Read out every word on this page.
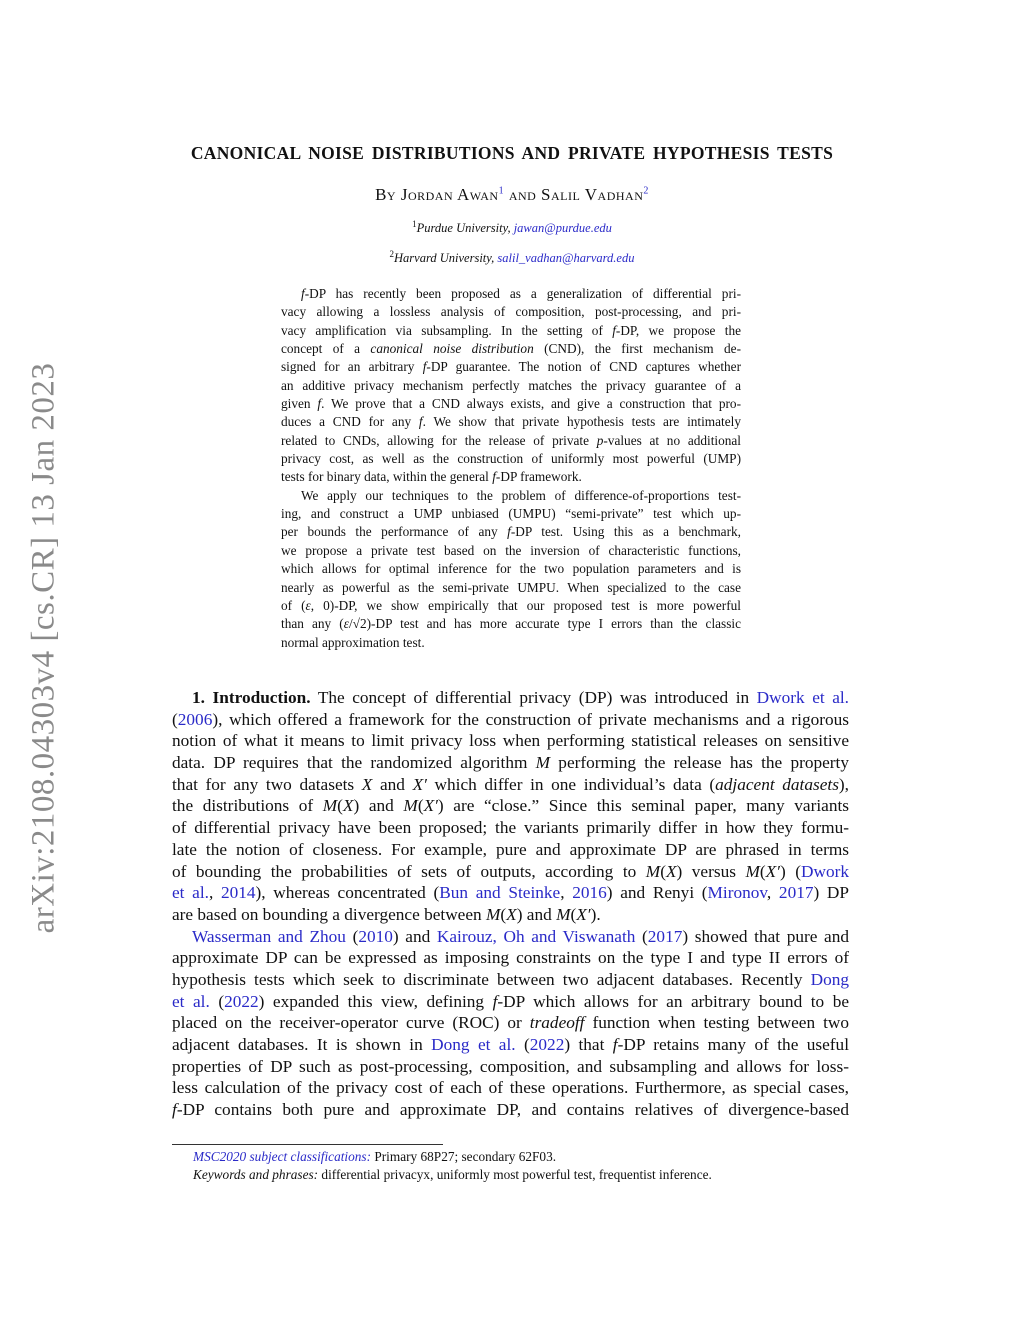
arXiv:2108.04303v4 [cs.CR] 13 Jan 2023
CANONICAL NOISE DISTRIBUTIONS AND PRIVATE HYPOTHESIS TESTS
By Jordan Awan$^1$ and Salil Vadhan$^2$
$^1$Purdue University, jawan@purdue.edu
$^2$Harvard University, salil_vadhan@harvard.edu
f-DP has recently been proposed as a generalization of differential pri-
vacy allowing a lossless analysis of composition, post-processing, and pri-
vacy amplification via subsampling. In the setting of f-DP, we propose the
concept of a canonical noise distribution (CND), the first mechanism de-
signed for an arbitrary f-DP guarantee. The notion of CND captures whether
an additive privacy mechanism perfectly matches the privacy guarantee of a
given f. We prove that a CND always exists, and give a construction that pro-
duces a CND for any f. We show that private hypothesis tests are intimately
related to CNDs, allowing for the release of private p-values at no additional
privacy cost, as well as the construction of uniformly most powerful (UMP)
tests for binary data, within the general f-DP framework.
We apply our techniques to the problem of difference-of-proportions test-
ing, and construct a UMP unbiased (UMPU) “semi-private” test which up-
per bounds the performance of any f-DP test. Using this as a benchmark,
we propose a private test based on the inversion of characteristic functions,
which allows for optimal inference for the two population parameters and is
nearly as powerful as the semi-private UMPU. When specialized to the case
of (ε, 0)-DP, we show empirically that our proposed test is more powerful
than any (ε/√2)-DP test and has more accurate type I errors than the classic
normal approximation test.
1. Introduction. The concept of differential privacy (DP) was introduced in Dwork et al.
(2006), which offered a framework for the construction of private mechanisms and a rigorous
notion of what it means to limit privacy loss when performing statistical releases on sensitive
data. DP requires that the randomized algorithm M performing the release has the property
that for any two datasets X and X′ which differ in one individual’s data (adjacent datasets),
the distributions of M(X) and M(X′) are “close.” Since this seminal paper, many variants
of differential privacy have been proposed; the variants primarily differ in how they formu-
late the notion of closeness. For example, pure and approximate DP are phrased in terms
of bounding the probabilities of sets of outputs, according to M(X) versus M(X′) (Dwork
et al., 2014), whereas concentrated (Bun and Steinke, 2016) and Renyi (Mironov, 2017) DP
are based on bounding a divergence between M(X) and M(X′).
Wasserman and Zhou (2010) and Kairouz, Oh and Viswanath (2017) showed that pure and
approximate DP can be expressed as imposing constraints on the type I and type II errors of
hypothesis tests which seek to discriminate between two adjacent databases. Recently Dong
et al. (2022) expanded this view, defining f-DP which allows for an arbitrary bound to be
placed on the receiver-operator curve (ROC) or tradeoff function when testing between two
adjacent databases. It is shown in Dong et al. (2022) that f-DP retains many of the useful
properties of DP such as post-processing, composition, and subsampling and allows for loss-
less calculation of the privacy cost of each of these operations. Furthermore, as special cases,
f-DP contains both pure and approximate DP, and contains relatives of divergence-based
MSC2020 subject classifications: Primary 68P27; secondary 62F03.
Keywords and phrases: differential privacyx, uniformly most powerful test, frequentist inference.
